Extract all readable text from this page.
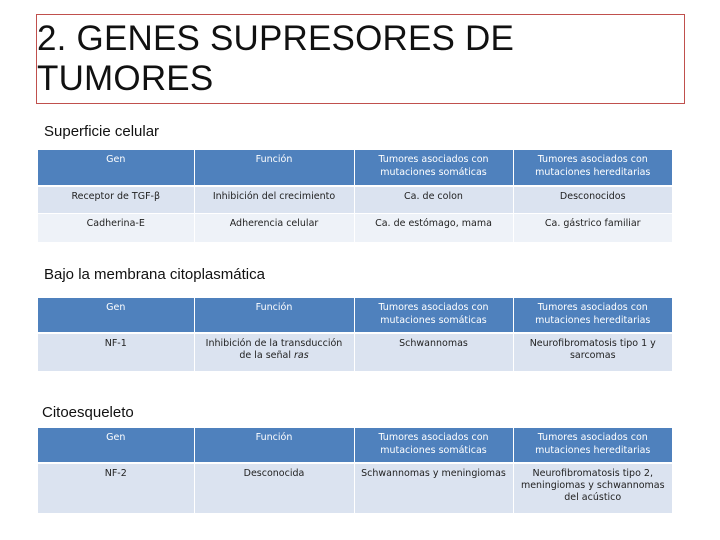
2. GENES SUPRESORES DE TUMORES
Superficie celular
Gen	Función	Tumores asociados con mutaciones somáticas	Tumores asociados con mutaciones hereditarias
Receptor de TGF-β	Inhibición del crecimiento	Ca. de colon	Desconocidos
Cadherina-E	Adherencia celular	Ca. de estómago, mama	Ca. gástrico familiar
Bajo la membrana citoplasmática
Gen	Función	Tumores asociados con mutaciones somáticas	Tumores asociados con mutaciones hereditarias
NF-1	Inhibición de la transducción de la señal ras	Schwannomas	Neurofibromatosis tipo 1 y sarcomas
Citoesqueleto
Gen	Función	Tumores asociados con mutaciones somáticas	Tumores asociados con mutaciones hereditarias
NF-2	Desconocida	Schwannomas y meningiomas	Neurofibromatosis tipo 2, meningiomas y schwannomas del acústico
